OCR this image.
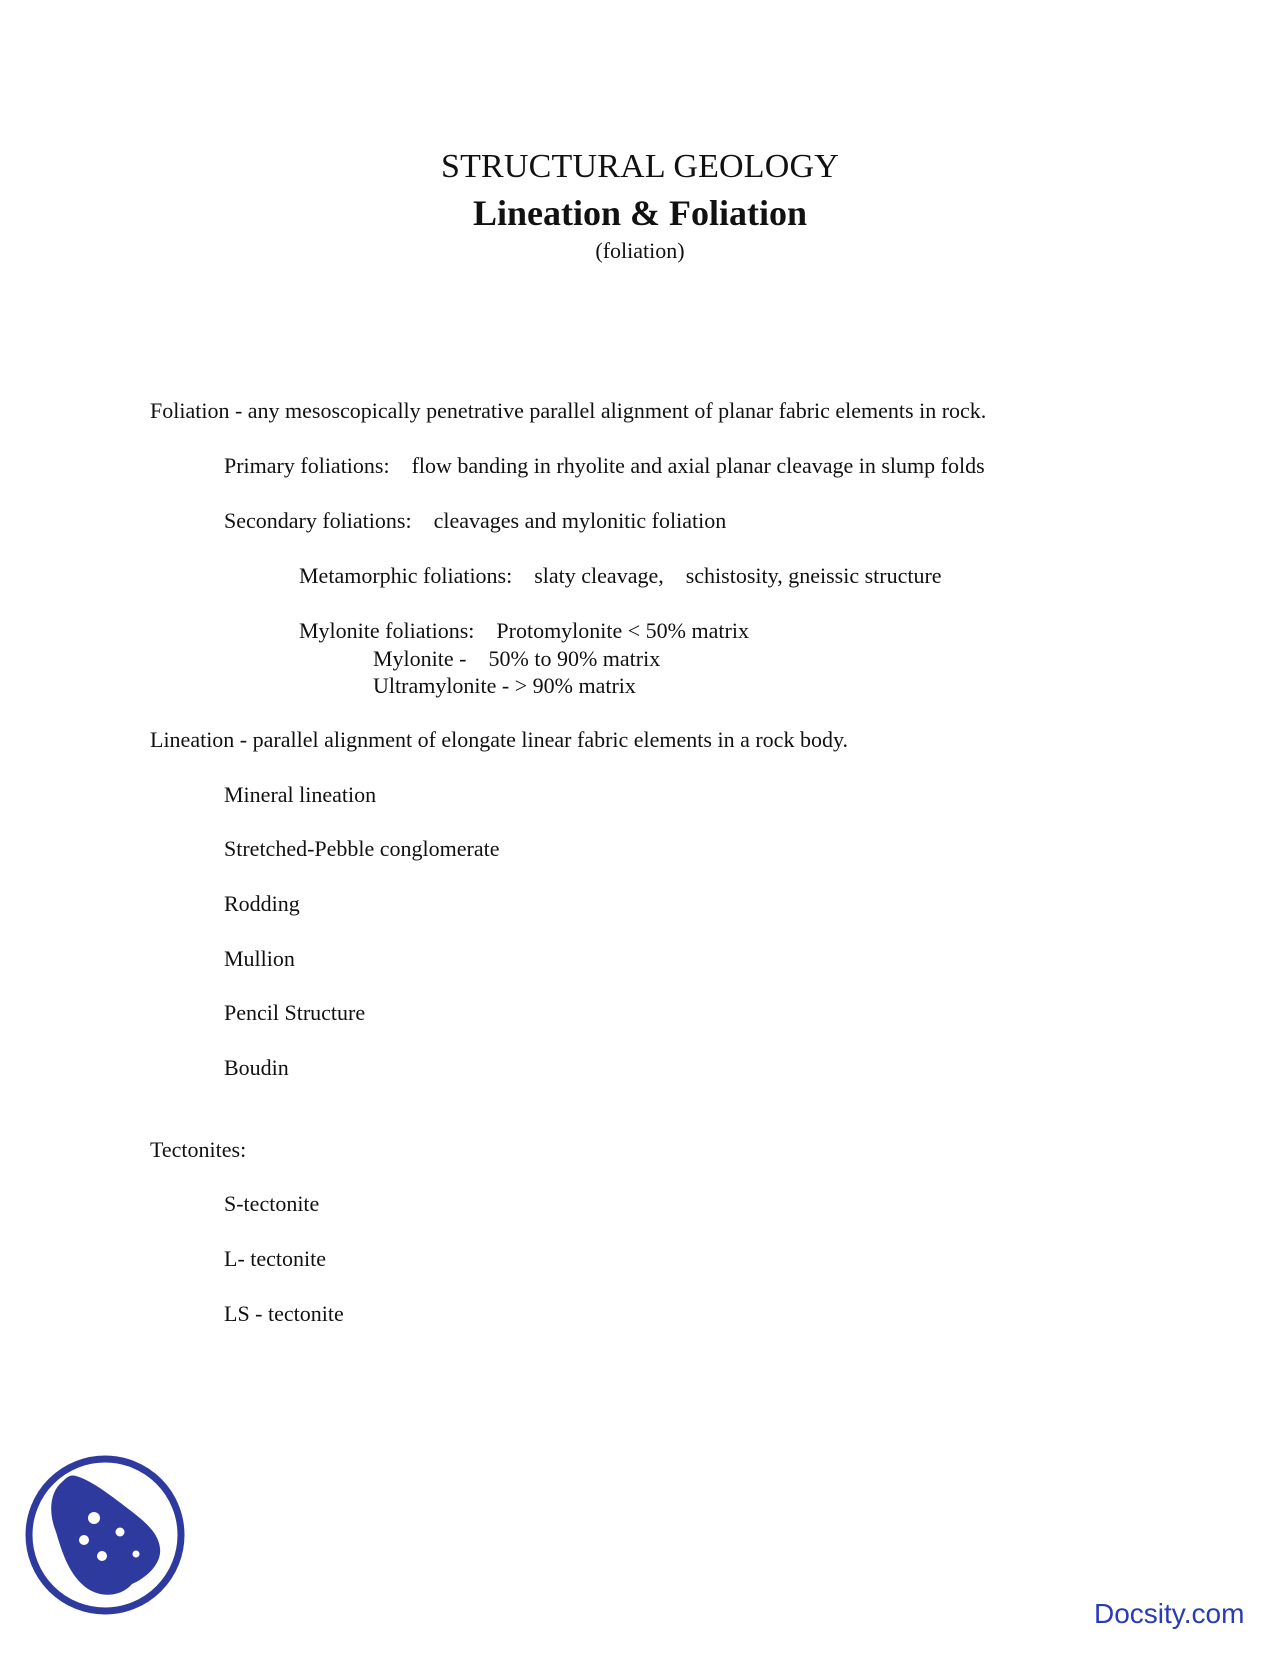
STRUCTURAL GEOLOGY
Lineation & Foliation
(foliation)
Foliation - any mesoscopically penetrative parallel alignment of planar fabric elements in rock.
Primary foliations: flow banding in rhyolite and axial planar cleavage in slump folds
Secondary foliations: cleavages and mylonitic foliation
Metamorphic foliations: slaty cleavage, schistosity, gneissic structure
Mylonite foliations: Protomylonite < 50% matrix
Mylonite - 50% to 90% matrix
Ultramylonite - > 90% matrix
Lineation - parallel alignment of elongate linear fabric elements in a rock body.
Mineral lineation
Stretched-Pebble conglomerate
Rodding
Mullion
Pencil Structure
Boudin
Tectonites:
S-tectonite
L- tectonite
LS - tectonite
Docsity.com
